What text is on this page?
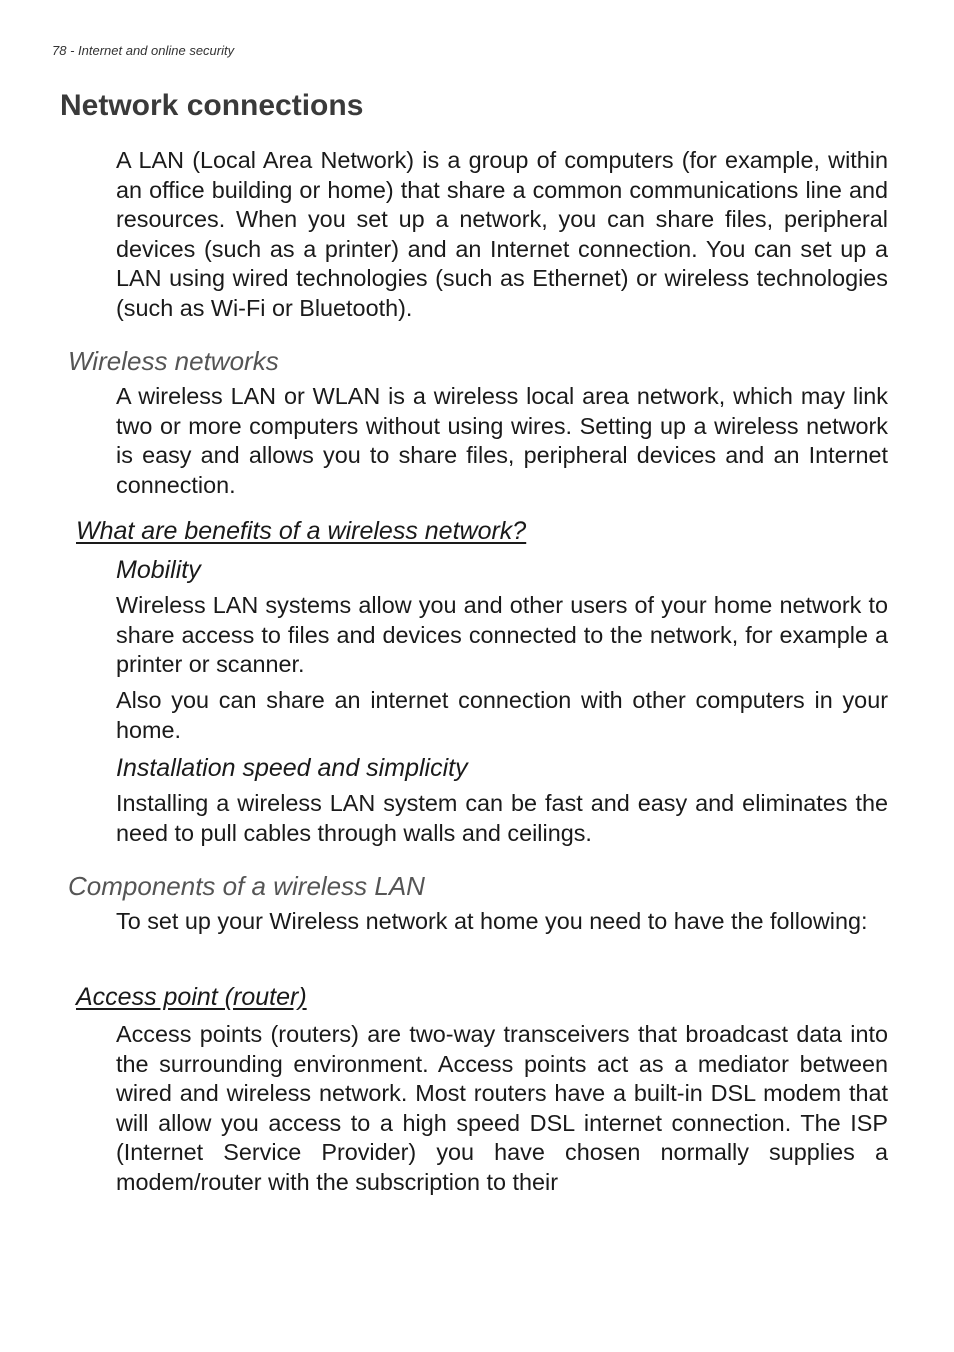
78 - Internet and online security
Network connections

A LAN (Local Area Network) is a group of computers (for example, within an office building or home) that share a common communications line and resources. When you set up a network, you can share files, peripheral devices (such as a printer) and an Internet connection. You can set up a LAN using wired technologies (such as Ethernet) or wireless technologies (such as Wi-Fi or Bluetooth).

Wireless networks

A wireless LAN or WLAN is a wireless local area network, which may link two or more computers without using wires. Setting up a wireless network is easy and allows you to share files, peripheral devices and an Internet connection.

What are benefits of a wireless network?
Mobility

Wireless LAN systems allow you and other users of your home network to share access to files and devices connected to the network, for example a printer or scanner.

Also you can share an internet connection with other computers in your home.

Installation speed and simplicity

Installing a wireless LAN system can be fast and easy and eliminates the need to pull cables through walls and ceilings.

Components of a wireless LAN

To set up your Wireless network at home you need to have the following:

Access point (router)

Access points (routers) are two-way transceivers that broadcast data into the surrounding environment. Access points act as a mediator between wired and wireless network. Most routers have a built-in DSL modem that will allow you access to a high speed DSL internet connection. The ISP (Internet Service Provider) you have chosen normally supplies a modem/router with the subscription to their
